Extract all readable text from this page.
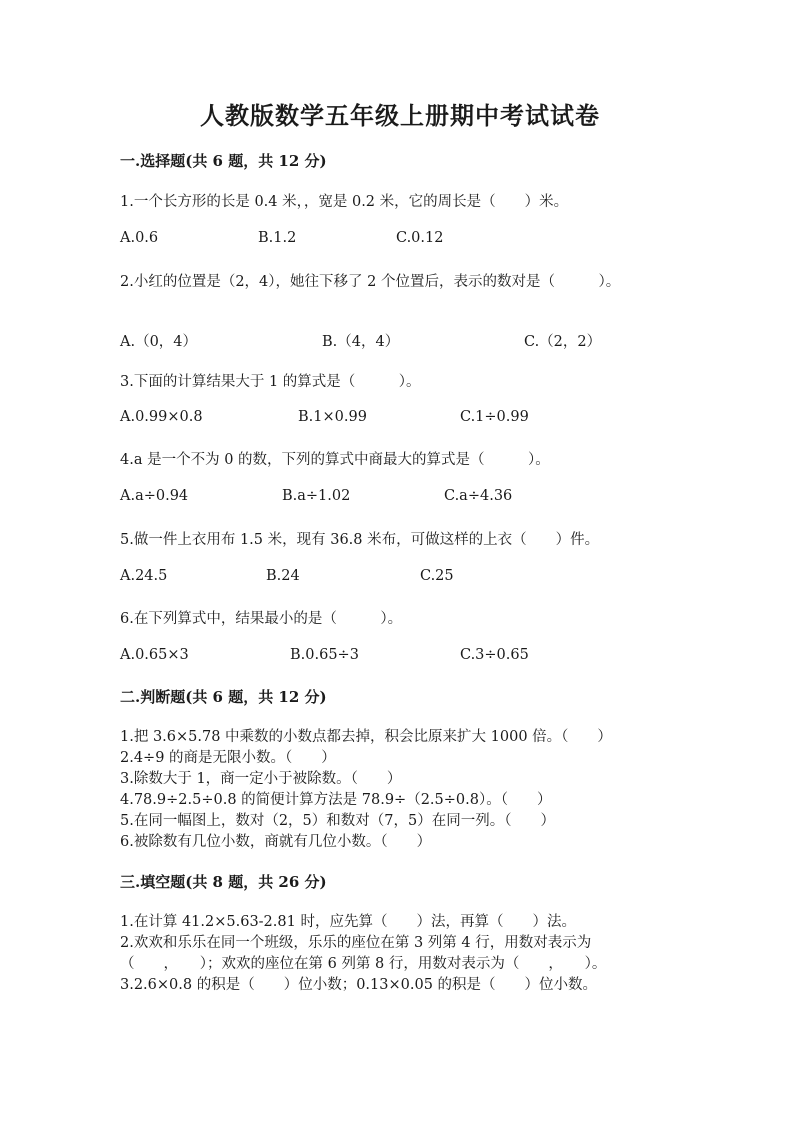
人教版数学五年级上册期中考试试卷
一.选择题(共 6 题，共 12 分)
1.一个长方形的长是 0.4 米，，宽是 0.2 米，它的周长是（　　）米。
A.0.6	B.1.2	C.0.12
2.小红的位置是（2，4），她往下移了 2 个位置后，表示的数对是（　　　）。
A.（0，4）	B.（4，4）	C.（2，2）
3.下面的计算结果大于 1 的算式是（　　　）。
A.0.99×0.8	B.1×0.99	C.1÷0.99
4.a 是一个不为 0 的数，下列的算式中商最大的算式是（　　　）。
A.a÷0.94	B.a÷1.02	C.a÷4.36
5.做一件上衣用布 1.5 米，现有 36.8 米布，可做这样的上衣（　　）件。
A.24.5	B.24	C.25
6.在下列算式中，结果最小的是（　　　）。
A.0.65×3	B.0.65÷3	C.3÷0.65
二.判断题(共 6 题，共 12 分)
1.把 3.6×5.78 中乘数的小数点都去掉，积会比原来扩大 1000 倍。（　　）
2.4÷9 的商是无限小数。（　　）
3.除数大于 1，商一定小于被除数。（　　）
4.78.9÷2.5÷0.8 的简便计算方法是 78.9÷（2.5÷0.8）。（　　）
5.在同一幅图上，数对（2，5）和数对（7，5）在同一列。（　　）
6.被除数有几位小数，商就有几位小数。（　　）
三.填空题(共 8 题，共 26 分)
1.在计算 41.2×5.63-2.81 时，应先算（　　）法，再算（　　）法。
2.欢欢和乐乐在同一个班级，乐乐的座位在第 3 列第 4 行，用数对表示为
（　　，　　）；欢欢的座位在第 6 列第 8 行，用数对表示为（　　，　　）。
3.2.6×0.8 的积是（　　）位小数；0.13×0.05 的积是（　　）位小数。
